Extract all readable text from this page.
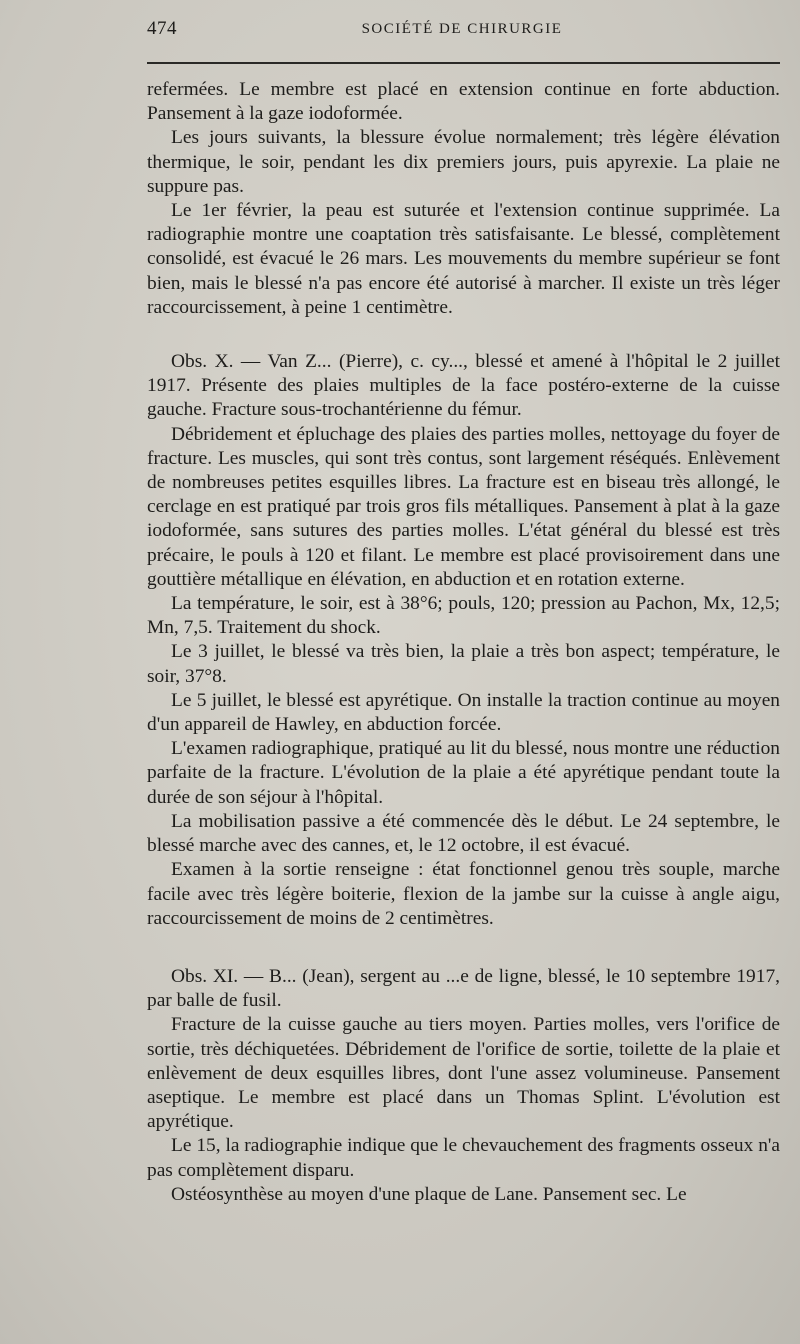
474	SOCIÉTÉ DE CHIRURGIE

refermées. Le membre est placé en extension continue en forte abduction. Pansement à la gaze iodoformée.

Les jours suivants, la blessure évolue normalement; très légère élévation thermique, le soir, pendant les dix premiers jours, puis apyrexie. La plaie ne suppure pas.

Le 1er février, la peau est suturée et l'extension continue supprimée. La radiographie montre une coaptation très satisfaisante. Le blessé, complètement consolidé, est évacué le 26 mars. Les mouvements du membre supérieur se font bien, mais le blessé n'a pas encore été autorisé à marcher. Il existe un très léger raccourcissement, à peine 1 centimètre.

Obs. X. — Van Z... (Pierre), c. cy..., blessé et amené à l'hôpital le 2 juillet 1917. Présente des plaies multiples de la face postéro-externe de la cuisse gauche. Fracture sous-trochantérienne du fémur.

Débridement et épluchage des plaies des parties molles, nettoyage du foyer de fracture. Les muscles, qui sont très contus, sont largement réséqués. Enlèvement de nombreuses petites esquilles libres. La fracture est en biseau très allongé, le cerclage en est pratiqué par trois gros fils métalliques. Pansement à plat à la gaze iodoformée, sans sutures des parties molles. L'état général du blessé est très précaire, le pouls à 120 et filant. Le membre est placé provisoirement dans une gouttière métallique en élévation, en abduction et en rotation externe.

La température, le soir, est à 38°6; pouls, 120; pression au Pachon, Mx, 12,5; Mn, 7,5. Traitement du shock.

Le 3 juillet, le blessé va très bien, la plaie a très bon aspect; température, le soir, 37°8.

Le 5 juillet, le blessé est apyrétique. On installe la traction continue au moyen d'un appareil de Hawley, en abduction forcée.

L'examen radiographique, pratiqué au lit du blessé, nous montre une réduction parfaite de la fracture. L'évolution de la plaie a été apyrétique pendant toute la durée de son séjour à l'hôpital.

La mobilisation passive a été commencée dès le début. Le 24 septembre, le blessé marche avec des cannes, et, le 12 octobre, il est évacué.

Examen à la sortie renseigne : état fonctionnel genou très souple, marche facile avec très légère boiterie, flexion de la jambe sur la cuisse à angle aigu, raccourcissement de moins de 2 centimètres.

Obs. XI. — B... (Jean), sergent au ...e de ligne, blessé, le 10 septembre 1917, par balle de fusil.

Fracture de la cuisse gauche au tiers moyen. Parties molles, vers l'orifice de sortie, très déchiquetées. Débridement de l'orifice de sortie, toilette de la plaie et enlèvement de deux esquilles libres, dont l'une assez volumineuse. Pansement aseptique. Le membre est placé dans un Thomas Splint. L'évolution est apyrétique.

Le 15, la radiographie indique que le chevauchement des fragments osseux n'a pas complètement disparu.

Ostéosynthèse au moyen d'une plaque de Lane. Pansement sec. Le
